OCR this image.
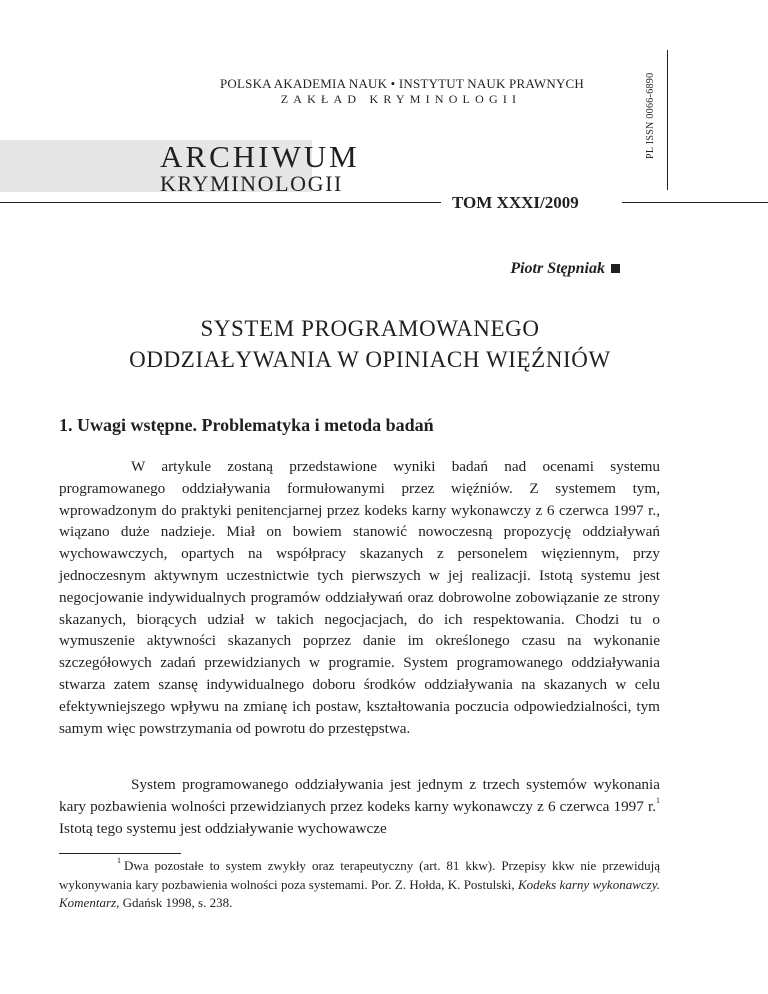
POLSKA AKADEMIA NAUK • INSTYTUT NAUK PRAWNYCH
ZAKŁAD KRYMINOLOGII	PL ISSN 0066-6890
ARCHIWUM
KRYMINOLOGII
TOM XXXI/2009
Piotr Stępniak
SYSTEM PROGRAMOWANEGO
ODDZIAŁYWANIA W OPINIACH WIĘŹNIÓW
1. Uwagi wstępne. Problematyka i metoda badań

W artykule zostaną przedstawione wyniki badań nad ocenami systemu programowanego oddziaływania formułowanymi przez więźniów. Z systemem tym, wprowadzonym do praktyki penitencjarnej przez kodeks karny wykonawczy z 6 czerwca 1997 r., wiązano duże nadzieje. Miał on bowiem stanowić nowoczesną propozycję oddziaływań wychowawczych, opartych na współpracy skazanych z personelem więziennym, przy jednoczesnym aktywnym uczestnictwie tych pierwszych w jej realizacji. Istotą systemu jest negocjowanie indywidualnych programów oddziaływań oraz dobrowolne zobowiązanie ze strony skazanych, biorących udział w takich negocjacjach, do ich respektowania. Chodzi tu o wymuszenie aktywności skazanych poprzez danie im określonego czasu na wykonanie szczegółowych zadań przewidzianych w programie. System programowanego oddziaływania stwarza zatem szansę indywidualnego doboru środków oddziaływania na skazanych w celu efektywniejszego wpływu na zmianę ich postaw, kształtowania poczucia odpowiedzialności, tym samym więc powstrzymania od powrotu do przestępstwa.

System programowanego oddziaływania jest jednym z trzech systemów wykonania kary pozbawienia wolności przewidzianych przez kodeks karny wykonawczy z 6 czerwca 1997 r.$^1$ Istotą tego systemu jest oddziaływanie wychowawcze

$^1$ Dwa pozostałe to system zwykły oraz terapeutyczny (art. 81 kkw). Przepisy kkw nie przewidują wykonywania kary pozbawienia wolności poza systemami. Por. Z. Hołda, K. Postulski, Kodeks karny wykonawczy. Komentarz, Gdańsk 1998, s. 238.
